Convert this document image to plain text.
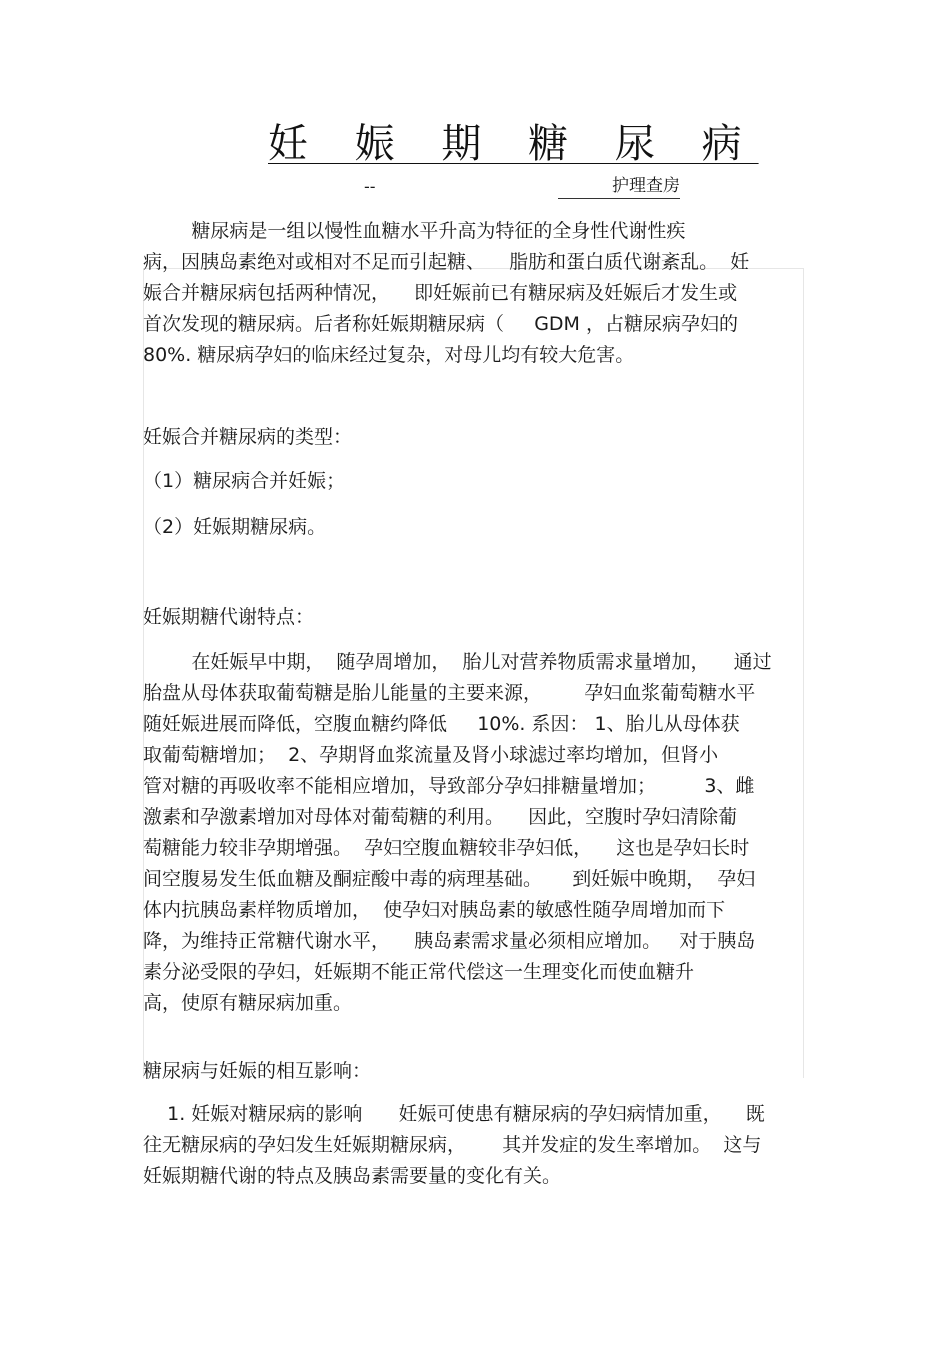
妊 娠 期 糖 尿 病
--	护理查房
糖尿病是一组以慢性血糖水平升高为特征的全身性代谢性疾
病，因胰岛素绝对或相对不足而引起糖、    脂肪和蛋白质代谢紊乱。  妊
娠合并糖尿病包括两种情况，    即妊娠前已有糖尿病及妊娠后才发生或
首次发现的糖尿病。后者称妊娠期糖尿病（     GDM ，占糖尿病孕妇的
80%. 糖尿病孕妇的临床经过复杂，对母儿均有较大危害。
妊娠合并糖尿病的类型：
（1）糖尿病合并妊娠；
（2）妊娠期糖尿病。
妊娠期糖代谢特点：
在妊娠早中期，  随孕周增加，  胎儿对营养物质需求量增加，    通过
胎盘从母体获取葡萄糖是胎儿能量的主要来源，       孕妇血浆葡萄糖水平
随妊娠进展而降低，空腹血糖约降低     10%. 系因： 1、胎儿从母体获
取葡萄糖增加；  2、孕期肾血浆流量及肾小球滤过率均增加，但肾小
管对糖的再吸收率不能相应增加，导致部分孕妇排糖量增加；        3、雌
激素和孕激素增加对母体对葡萄糖的利用。    因此，空腹时孕妇清除葡
萄糖能力较非孕期增强。  孕妇空腹血糖较非孕妇低，    这也是孕妇长时
间空腹易发生低血糖及酮症酸中毒的病理基础。     到妊娠中晚期，  孕妇
体内抗胰岛素样物质增加，  使孕妇对胰岛素的敏感性随孕周增加而下
降，为维持正常糖代谢水平，    胰岛素需求量必须相应增加。   对于胰岛
素分泌受限的孕妇，妊娠期不能正常代偿这一生理变化而使血糖升
高，使原有糖尿病加重。
糖尿病与妊娠的相互影响：
1. 妊娠对糖尿病的影响      妊娠可使患有糖尿病的孕妇病情加重，    既
往无糖尿病的孕妇发生妊娠期糖尿病，      其并发症的发生率增加。  这与
妊娠期糖代谢的特点及胰岛素需要量的变化有关。
